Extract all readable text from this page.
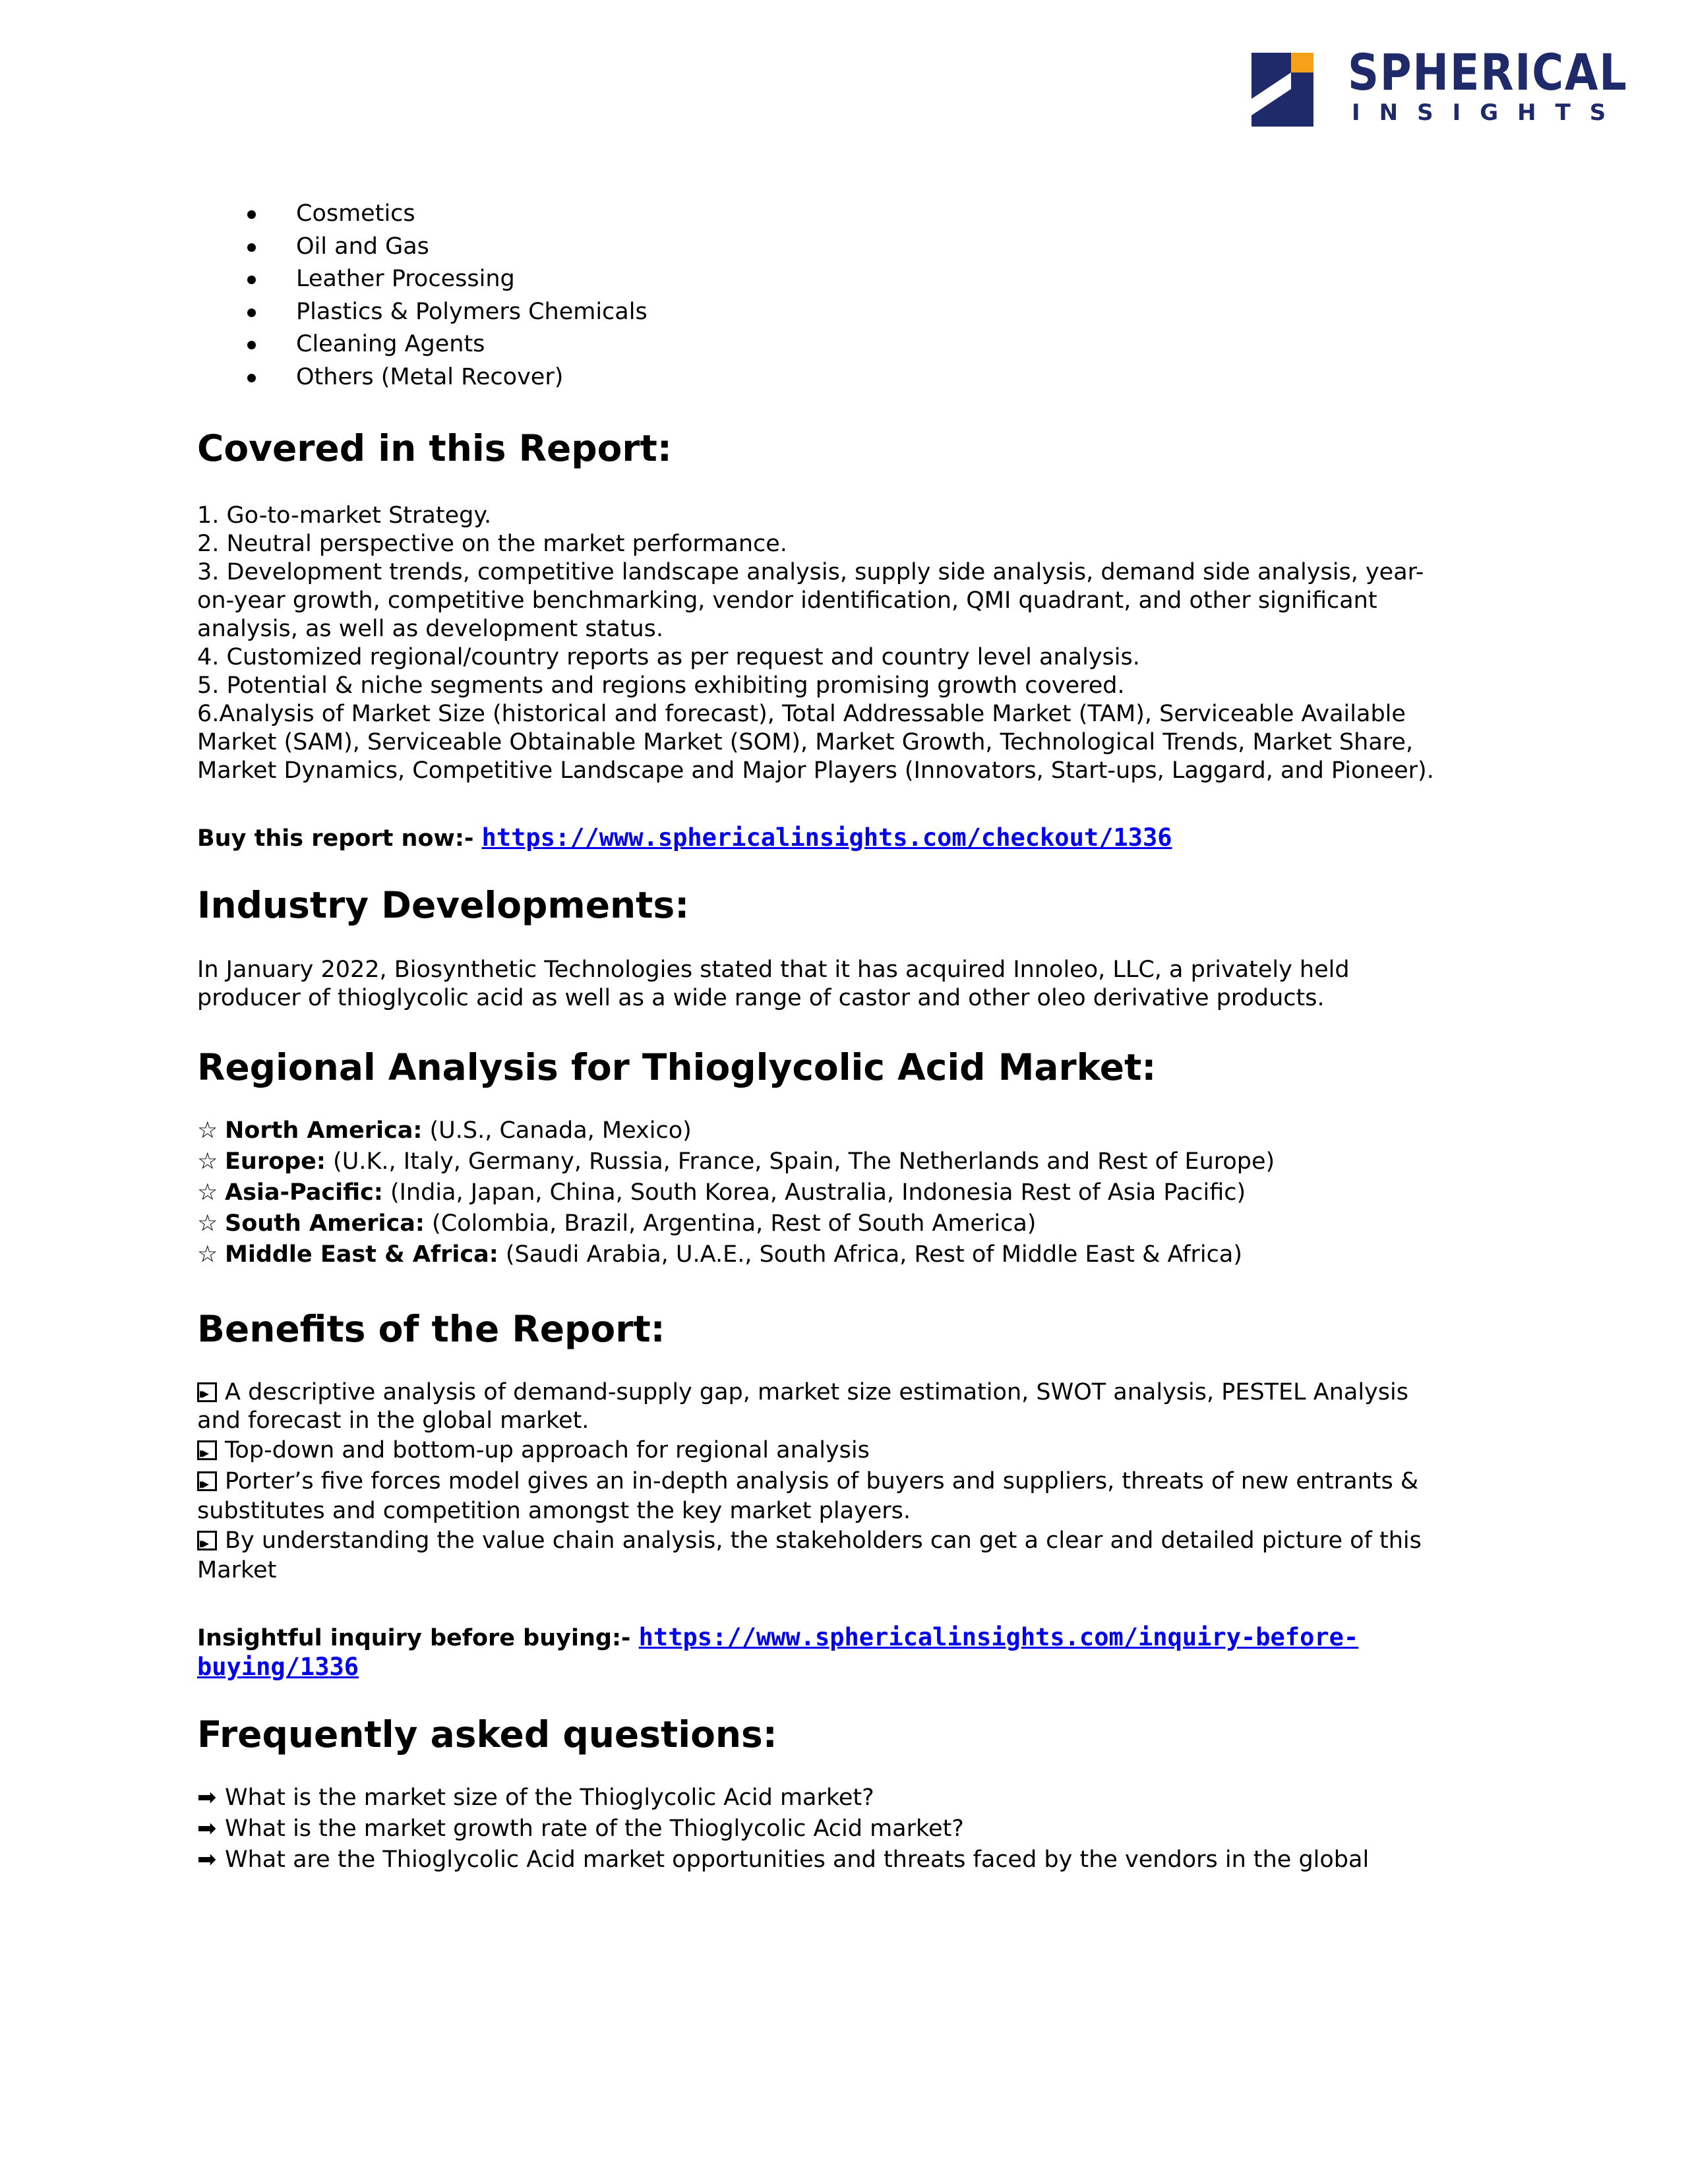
SPHERICAL
INSIGHTS
Cosmetics
Oil and Gas
Leather Processing
Plastics & Polymers Chemicals
Cleaning Agents
Others (Metal Recover)
Covered in this Report:

1. Go-to-market Strategy.

2. Neutral perspective on the market performance.

3. Development trends, competitive landscape analysis, supply side analysis, demand side analysis, year-

on-year growth, competitive benchmarking, vendor identification, QMI quadrant, and other significant

analysis, as well as development status.

4. Customized regional/country reports as per request and country level analysis.

5. Potential & niche segments and regions exhibiting promising growth covered.

6.Analysis of Market Size (historical and forecast), Total Addressable Market (TAM), Serviceable Available

Market (SAM), Serviceable Obtainable Market (SOM), Market Growth, Technological Trends, Market Share,

Market Dynamics, Competitive Landscape and Major Players (Innovators, Start-ups, Laggard, and Pioneer).

Buy this report now:- https://www.sphericalinsights.com/checkout/1336

Industry Developments:

In January 2022, Biosynthetic Technologies stated that it has acquired Innoleo, LLC, a privately held

producer of thioglycolic acid as well as a wide range of castor and other oleo derivative products.

Regional Analysis for Thioglycolic Acid Market:

☆ North America: (U.S., Canada, Mexico)

☆ Europe: (U.K., Italy, Germany, Russia, France, Spain, The Netherlands and Rest of Europe)

☆ Asia-Pacific: (India, Japan, China, South Korea, Australia, Indonesia Rest of Asia Pacific)

☆ South America: (Colombia, Brazil, Argentina, Rest of South America)

☆ Middle East & Africa: (Saudi Arabia, U.A.E., South Africa, Rest of Middle East & Africa)

Benefits of the Report:

▸▸A descriptive analysis of demand-supply gap, market size estimation, SWOT analysis, PESTEL Analysis

and forecast in the global market.

▸▸Top-down and bottom-up approach for regional analysis

▸▸Porter’s five forces model gives an in-depth analysis of buyers and suppliers, threats of new entrants &

substitutes and competition amongst the key market players.

▸▸By understanding the value chain analysis, the stakeholders can get a clear and detailed picture of this

Market

Insightful inquiry before buying:- https://www.sphericalinsights.com/inquiry-before-
buying/1336
Frequently asked questions:

➡ What is the market size of the Thioglycolic Acid market?

➡ What is the market growth rate of the Thioglycolic Acid market?

➡ What are the Thioglycolic Acid market opportunities and threats faced by the vendors in the global
